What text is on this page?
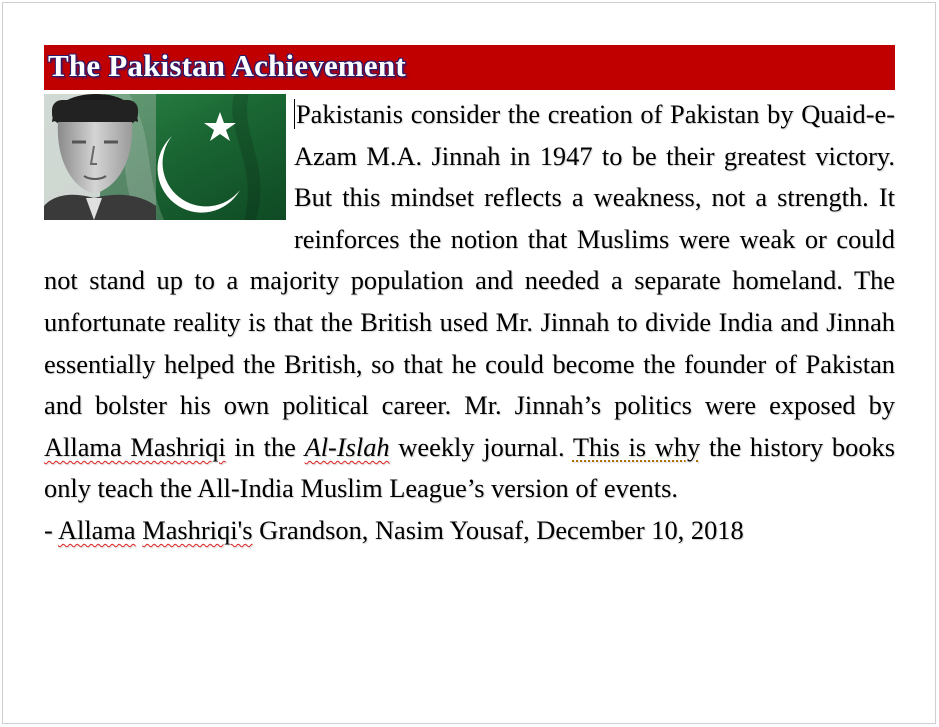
The Pakistan Achievement
Pakistanis consider the creation of Pakistan by Quaid-e-Azam M.A. Jinnah in 1947 to be their greatest victory. But this mindset reflects a weakness, not a strength. It reinforces the notion that Muslims were weak or could not stand up to a majority population and needed a separate homeland. The unfortunate reality is that the British used Mr. Jinnah to divide India and Jinnah essentially helped the British, so that he could become the founder of Pakistan and bolster his own political career. Mr. Jinnah’s politics were exposed by Allama Mashriqi in the Al-Islah weekly journal. This is why the history books only teach the All-India Muslim League’s version of events.
- Allama Mashriqi's Grandson, Nasim Yousaf, December 10, 2018
